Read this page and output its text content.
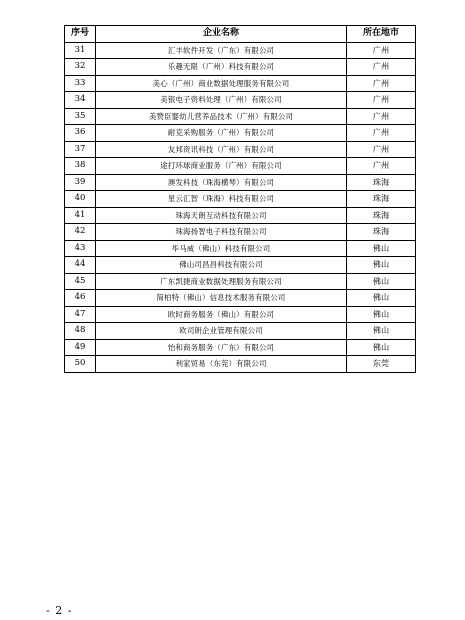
序号	企业名称	所在地市
31	汇丰软件开发（广东）有限公司	广州
32	乐趣无限（广州）科技有限公司	广州
33	美心（广州）商业数据处理服务有限公司	广州
34	美银电子资料处理（广州）有限公司	广州
35	美赞臣婴幼儿营养品技术（广州）有限公司	广州
36	耐克采购服务（广州）有限公司	广州
37	友邦资讯科技（广州）有限公司	广州
38	途打环球商业服务（广州）有限公司	广州
39	澳发科技（珠海横琴）有限公司	珠海
40	星云汇智（珠海）科技有限公司	珠海
41	珠海天朗互动科技有限公司	珠海
42	珠海扬智电子科技有限公司	珠海
43	毕马威（佛山）科技有限公司	佛山
44	佛山司昌昌科技有限公司	佛山
45	广东凯捷商业数据处理服务有限公司	佛山
46	简柏特（佛山）信息技术服务有限公司	佛山
47	欧时商务服务（佛山）有限公司	佛山
48	欧司朗企业管理有限公司	佛山
49	怡和商务服务（广东）有限公司	佛山
50	利家贸易（东莞）有限公司	东莞
- 2 -
